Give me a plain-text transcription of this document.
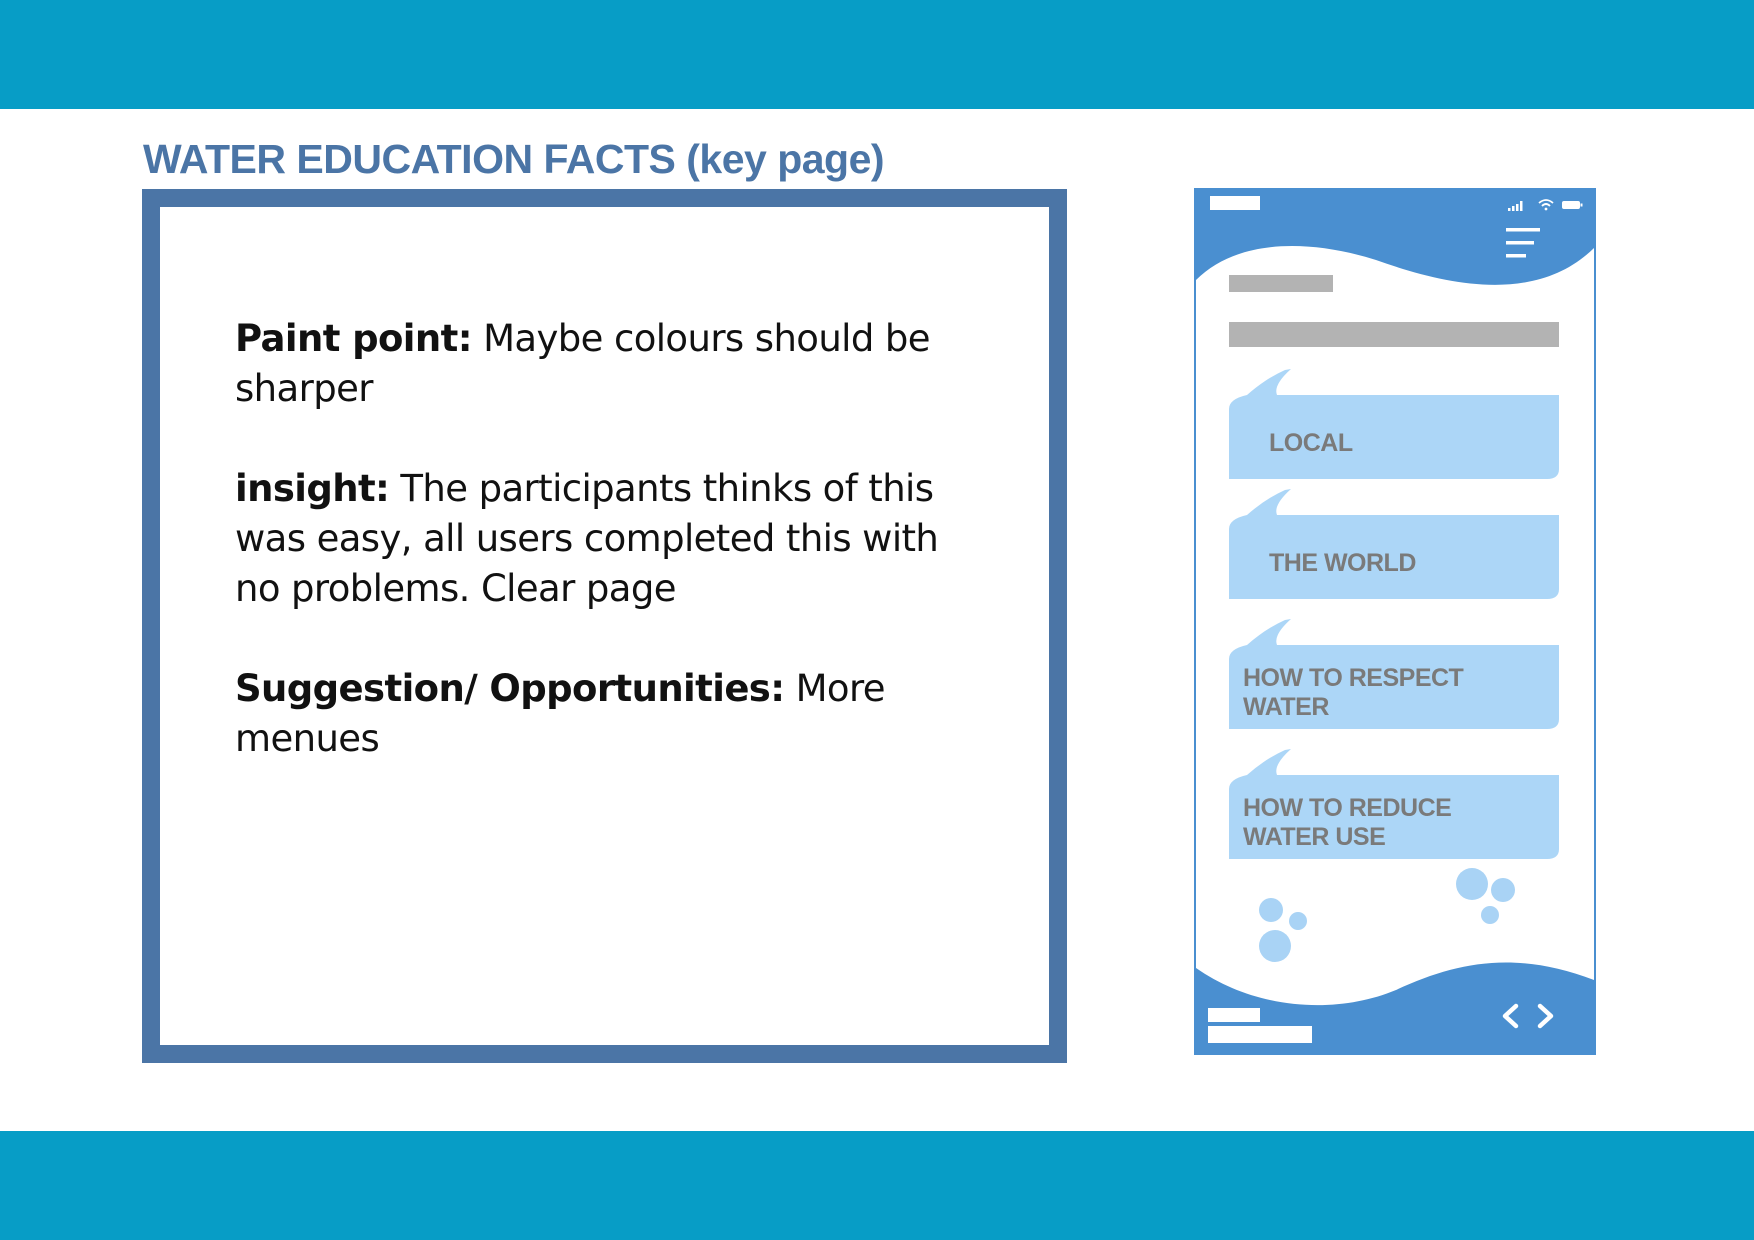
WATER EDUCATION FACTS (key page)
Paint point: Maybe colours should be sharper
insight: The participants thinks of this was easy, all users completed this with no problems. Clear page
Suggestion/ Opportunities: More menues
LOCAL
THE WORLD
HOW TO RESPECT WATER
HOW TO REDUCE WATER USE
